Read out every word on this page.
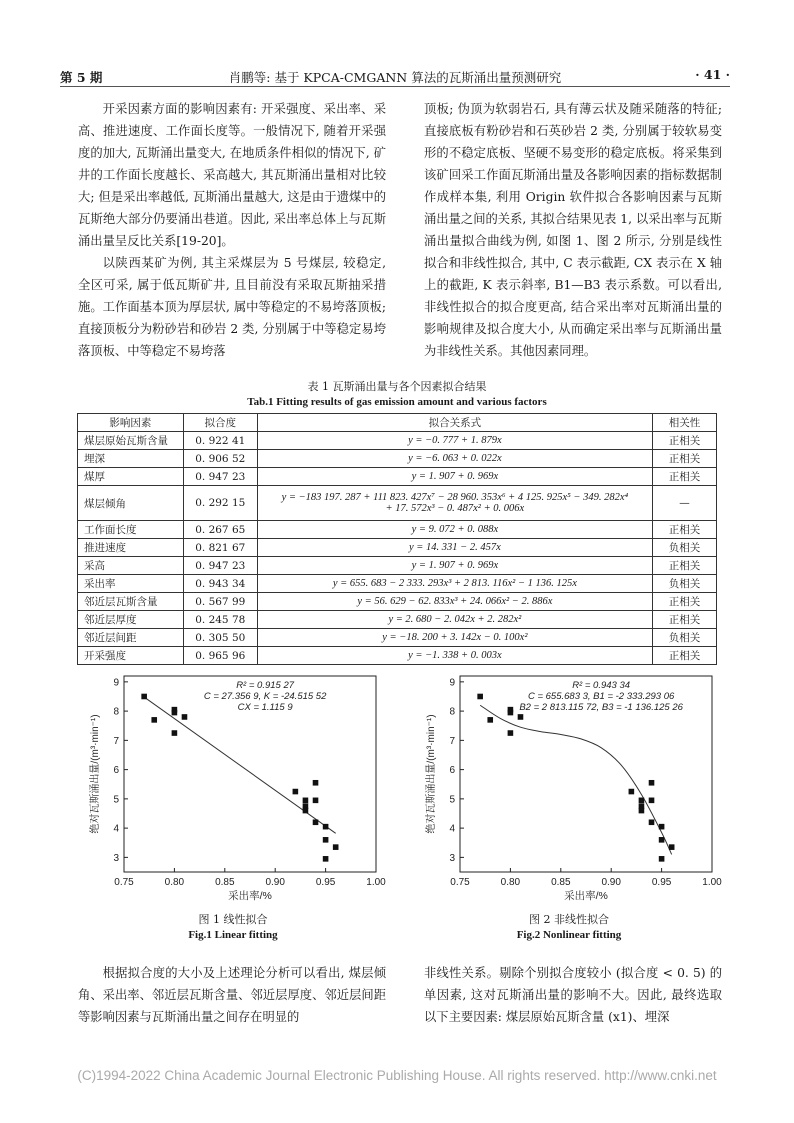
第 5 期	肖鹏等: 基于 KPCA-CMGANN 算法的瓦斯涌出量预测研究	· 41 ·

开采因素方面的影响因素有: 开采强度、采出率、采高、推进速度、工作面长度等。一般情况下, 随着开采强度的加大, 瓦斯涌出量变大, 在地质条件相似的情况下, 矿井的工作面长度越长、采高越大, 其瓦斯涌出量相对比较大; 但是采出率越低, 瓦斯涌出量越大, 这是由于遗煤中的瓦斯绝大部分仍要涌出巷道。因此, 采出率总体上与瓦斯涌出量呈反比关系[19-20]。

以陕西某矿为例, 其主采煤层为 5 号煤层, 较稳定, 全区可采, 属于低瓦斯矿井, 且目前没有采取瓦斯抽采措施。工作面基本顶为厚层状, 属中等稳定的不易垮落顶板; 直接顶板分为粉砂岩和砂岩 2 类, 分别属于中等稳定易垮落顶板、中等稳定不易垮落

顶板; 伪顶为软弱岩石, 具有薄云状及随采随落的特征; 直接底板有粉砂岩和石英砂岩 2 类, 分别属于较软易变形的不稳定底板、坚硬不易变形的稳定底板。将采集到该矿回采工作面瓦斯涌出量及各影响因素的指标数据制作成样本集, 利用 Origin 软件拟合各影响因素与瓦斯涌出量之间的关系, 其拟合结果见表 1, 以采出率与瓦斯涌出量拟合曲线为例, 如图 1、图 2 所示, 分别是线性拟合和非线性拟合, 其中, C 表示截距, CX 表示在 X 轴上的截距, K 表示斜率, B1—B3 表示系数。可以看出, 非线性拟合的拟合度更高, 结合采出率对瓦斯涌出量的影响规律及拟合度大小, 从而确定采出率与瓦斯涌出量为非线性关系。其他因素同理。

表 1 瓦斯涌出量与各个因素拟合结果
Tab.1 Fitting results of gas emission amount and various factors
影响因素	拟合度	拟合关系式	相关性
煤层原始瓦斯含量	0. 922 41	y = −0. 777 + 1. 879x	正相关
埋深	0. 906 52	y = −6. 063 + 0. 022x	正相关
煤厚	0. 947 23	y = 1. 907 + 0. 969x	正相关
煤层倾角	0. 292 15	y = −183 197. 287 + 111 823. 427x⁷ − 28 960. 353x⁶ + 4 125. 925x⁵ − 349. 282x⁴
+ 17. 572x³ − 0. 487x² + 0. 006x	—
工作面长度	0. 267 65	y = 9. 072 + 0. 088x	正相关
推进速度	0. 821 67	y = 14. 331 − 2. 457x	负相关
采高	0. 947 23	y = 1. 907 + 0. 969x	正相关
采出率	0. 943 34	y = 655. 683 − 2 333. 293x³ + 2 813. 116x² − 1 136. 125x	负相关
邻近层瓦斯含量	0. 567 99	y = 56. 629 − 62. 833x³ + 24. 066x² − 2. 886x	正相关
邻近层厚度	0. 245 78	y = 2. 680 − 2. 042x + 2. 282x²	正相关
邻近层间距	0. 305 50	y = −18. 200 + 3. 142x − 0. 100x²	负相关
开采强度	0. 965 96	y = −1. 338 + 0. 003x	正相关
0.75	0.80	0.85	0.90	0.95	1.00
3
4
5
6
7
8
9
采出率/%
绝对瓦斯涌出量/(m³·min⁻¹)
R² = 0.915 27
C = 27.356 9, K = -24.515 52
CX = 1.115 9
图 1 线性拟合
Fig.1 Linear fitting
0.75	0.80	0.85	0.90	0.95	1.00
3
4
5
6
7
8
9
采出率/%
绝对瓦斯涌出量/(m³·min⁻¹)
R² = 0.943 34
C = 655.683 3, B1 = -2 333.293 06
B2 = 2 813.115 72, B3 = -1 136.125 26
图 2 非线性拟合
Fig.2 Nonlinear fitting

根据拟合度的大小及上述理论分析可以看出, 煤层倾角、采出率、邻近层瓦斯含量、邻近层厚度、邻近层间距等影响因素与瓦斯涌出量之间存在明显的

非线性关系。剔除个别拟合度较小 (拟合度 < 0. 5) 的单因素, 这对瓦斯涌出量的影响不大。因此, 最终选取以下主要因素: 煤层原始瓦斯含量 (x1)、埋深

(C)1994-2022 China Academic Journal Electronic Publishing House. All rights reserved. http://www.cnki.net
